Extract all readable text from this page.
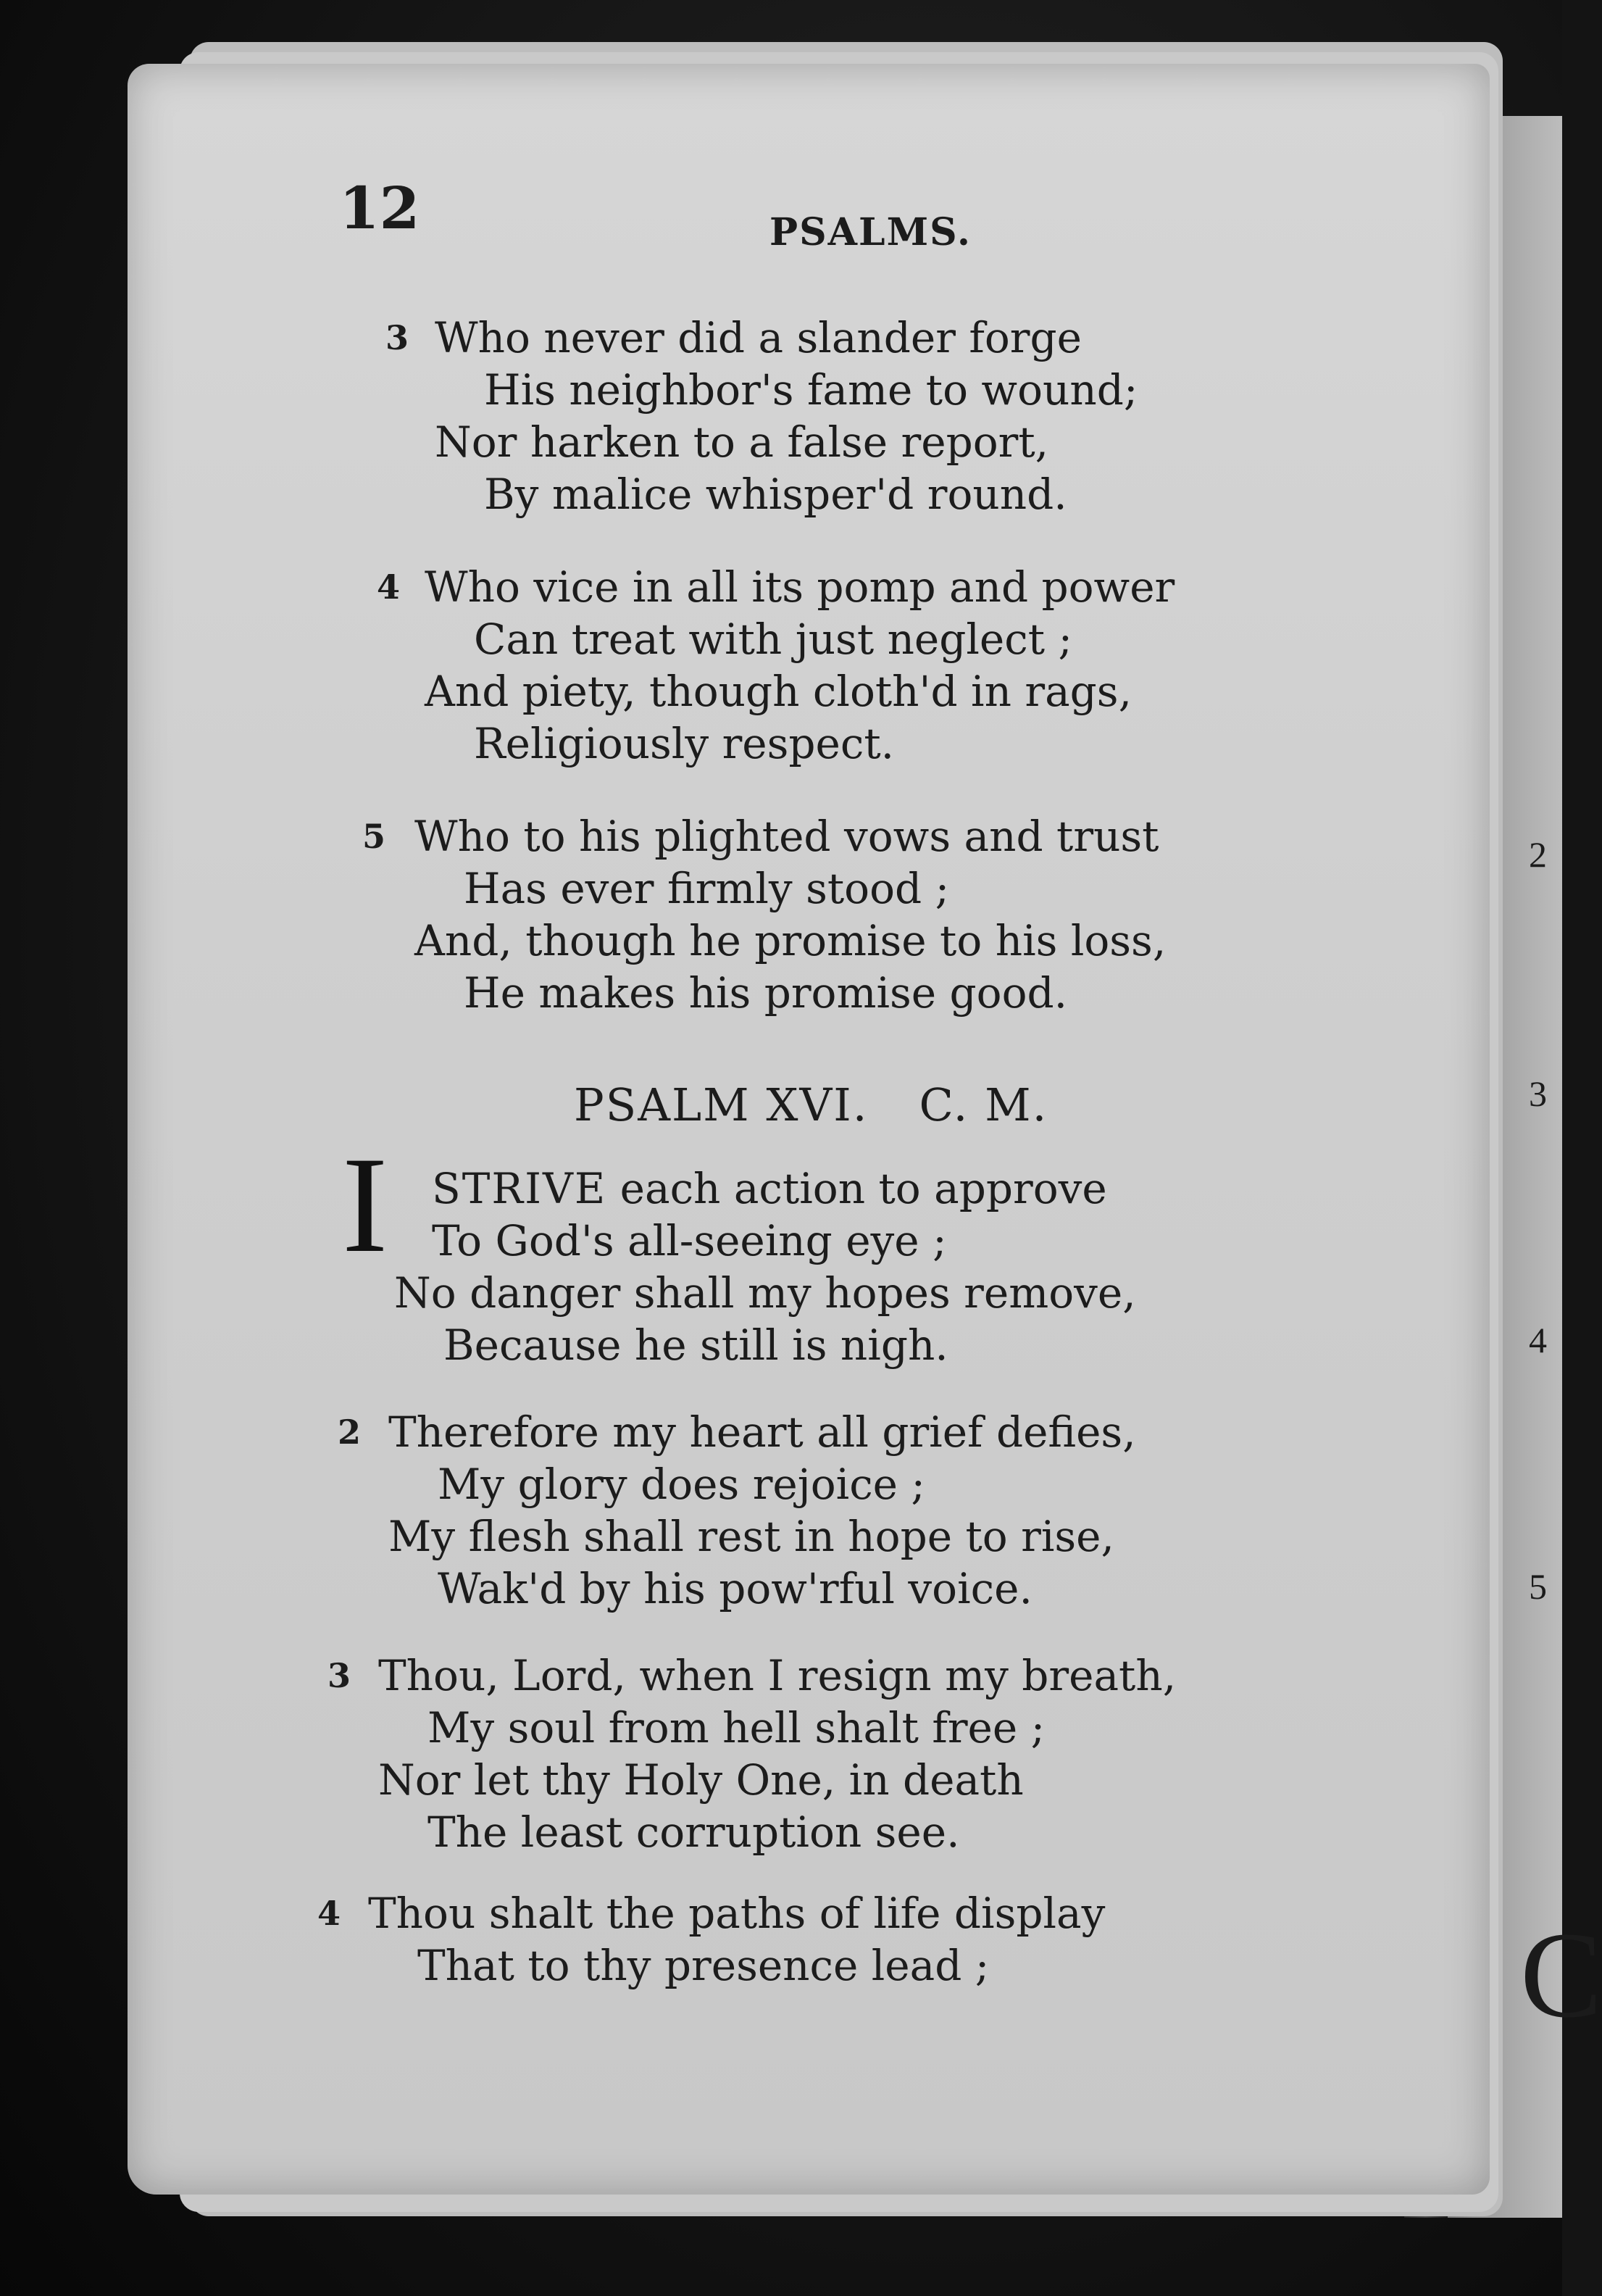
2
3
4
5
C
12	PSALMS.
3 Who never did a slander forge
His neighbor's fame to wound;
Nor harken to a false report,
By malice whisper'd round.
4 Who vice in all its pomp and power
Can treat with just neglect ;
And piety, though cloth'd in rags,
Religiously respect.
5 Who to his plighted vows and trust
Has ever firmly stood ;
And, though he promise to his loss,
He makes his promise good.
PSALM XVI. C. M.
I STRIVE each action to approve
To God's all-seeing eye ;
No danger shall my hopes remove,
Because he still is nigh.
2 Therefore my heart all grief defies,
My glory does rejoice ;
My flesh shall rest in hope to rise,
Wak'd by his pow'rful voice.
3 Thou, Lord, when I resign my breath,
My soul from hell shalt free ;
Nor let thy Holy One, in death
The least corruption see.
4 Thou shalt the paths of life display
That to thy presence lead ;
